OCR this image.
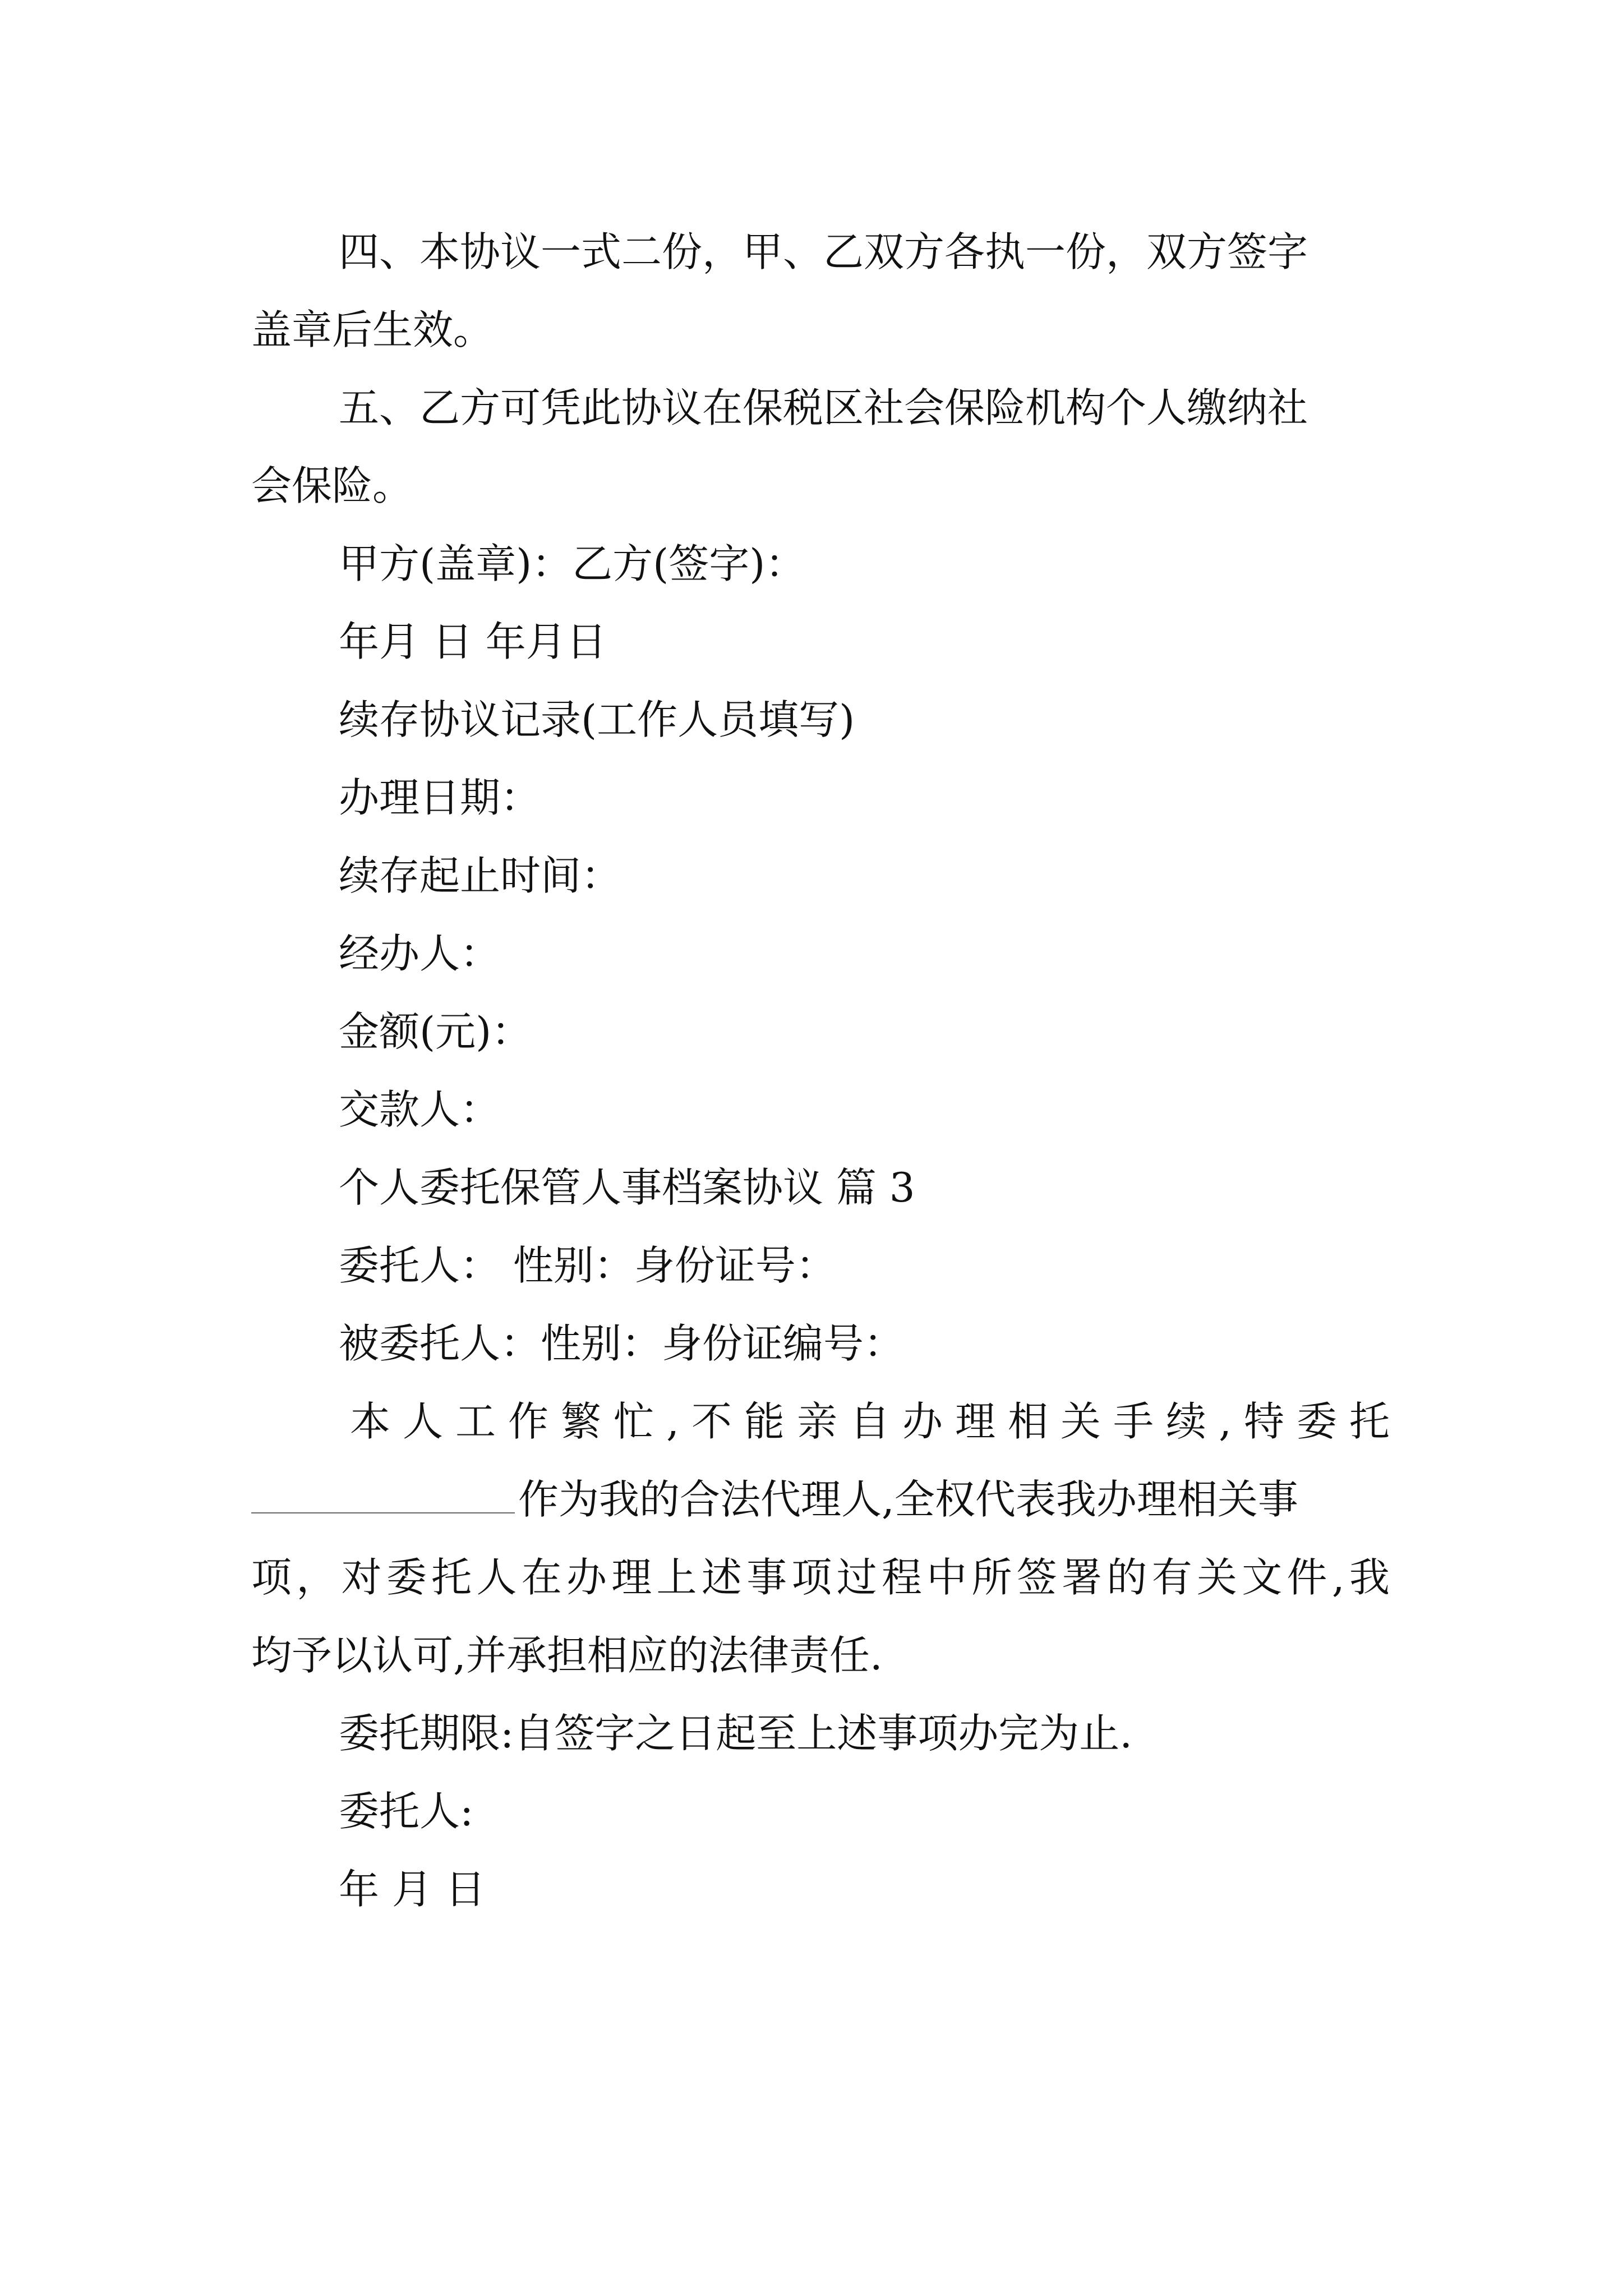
四、本协议一式二份，甲、乙双方各执一份，双方签字
盖章后生效。
五、乙方可凭此协议在保税区社会保险机构个人缴纳社
会保险。
甲方(盖章)：乙方(签字)：
年月 日 年月日
续存协议记录(工作人员填写)
办理日期：
续存起止时间：
经办人：
金额(元)：
交款人：
个人委托保管人事档案协议 篇 3
委托人： 性别：身份证号：
被委托人：性别：身份证编号：
本人工作繁忙,不能亲自办理相关手续,特委托
作为我的合法代理人,全权代表我办理相关事
项，对委托人在办理上述事项过程中所签署的有关文件,我
均予以认可,并承担相应的法律责任.
委托期限:自签字之日起至上述事项办完为止.
委托人:
年 月 日
